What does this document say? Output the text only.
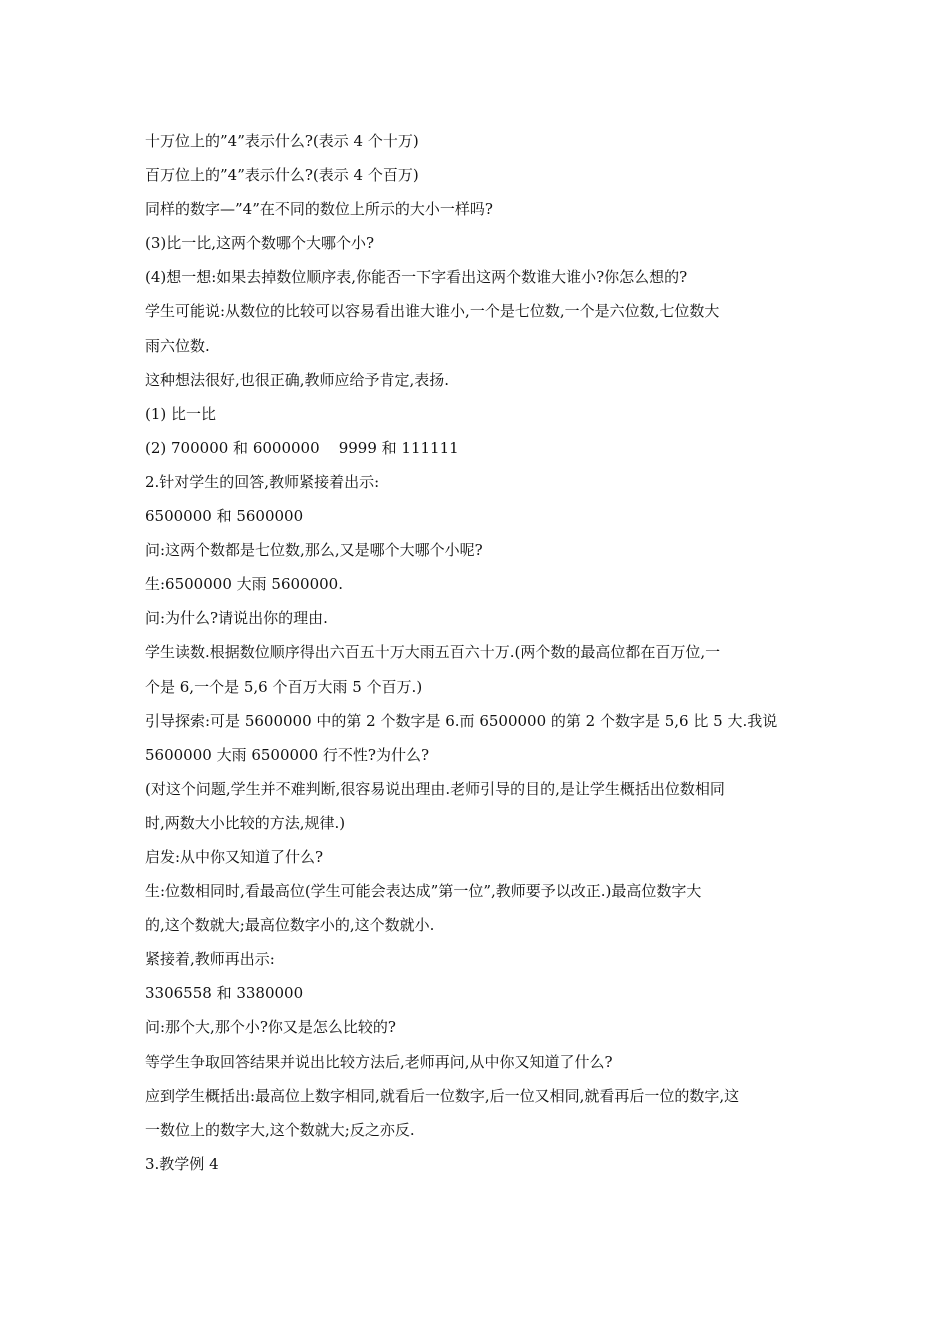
十万位上的”4”表示什么?(表示 4 个十万)
百万位上的”4”表示什么?(表示 4 个百万)
同样的数字—”4”在不同的数位上所示的大小一样吗?
(3)比一比,这两个数哪个大哪个小?
(4)想一想:如果去掉数位顺序表,你能否一下字看出这两个数谁大谁小?你怎么想的?
学生可能说:从数位的比较可以容易看出谁大谁小,一个是七位数,一个是六位数,七位数大
雨六位数.
这种想法很好,也很正确,教师应给予肯定,表扬.
(1) 比一比
(2) 700000 和 6000000    9999 和 111111
2.针对学生的回答,教师紧接着出示:
6500000 和 5600000
问:这两个数都是七位数,那么,又是哪个大哪个小呢?
生:6500000 大雨 5600000.
问:为什么?请说出你的理由.
学生读数.根据数位顺序得出六百五十万大雨五百六十万.(两个数的最高位都在百万位,一
个是 6,一个是 5,6 个百万大雨 5 个百万.)
引导探索:可是 5600000 中的第 2 个数字是 6.而 6500000 的第 2 个数字是 5,6 比 5 大.我说
5600000 大雨 6500000 行不性?为什么?
(对这个问题,学生并不难判断,很容易说出理由.老师引导的目的,是让学生概括出位数相同
时,两数大小比较的方法,规律.)
启发:从中你又知道了什么?
生:位数相同时,看最高位(学生可能会表达成”第一位”,教师要予以改正.)最高位数字大
的,这个数就大;最高位数字小的,这个数就小.
紧接着,教师再出示:
3306558 和 3380000
问:那个大,那个小?你又是怎么比较的?
等学生争取回答结果并说出比较方法后,老师再问,从中你又知道了什么?
应到学生概括出:最高位上数字相同,就看后一位数字,后一位又相同,就看再后一位的数字,这
一数位上的数字大,这个数就大;反之亦反.
3.教学例 4
